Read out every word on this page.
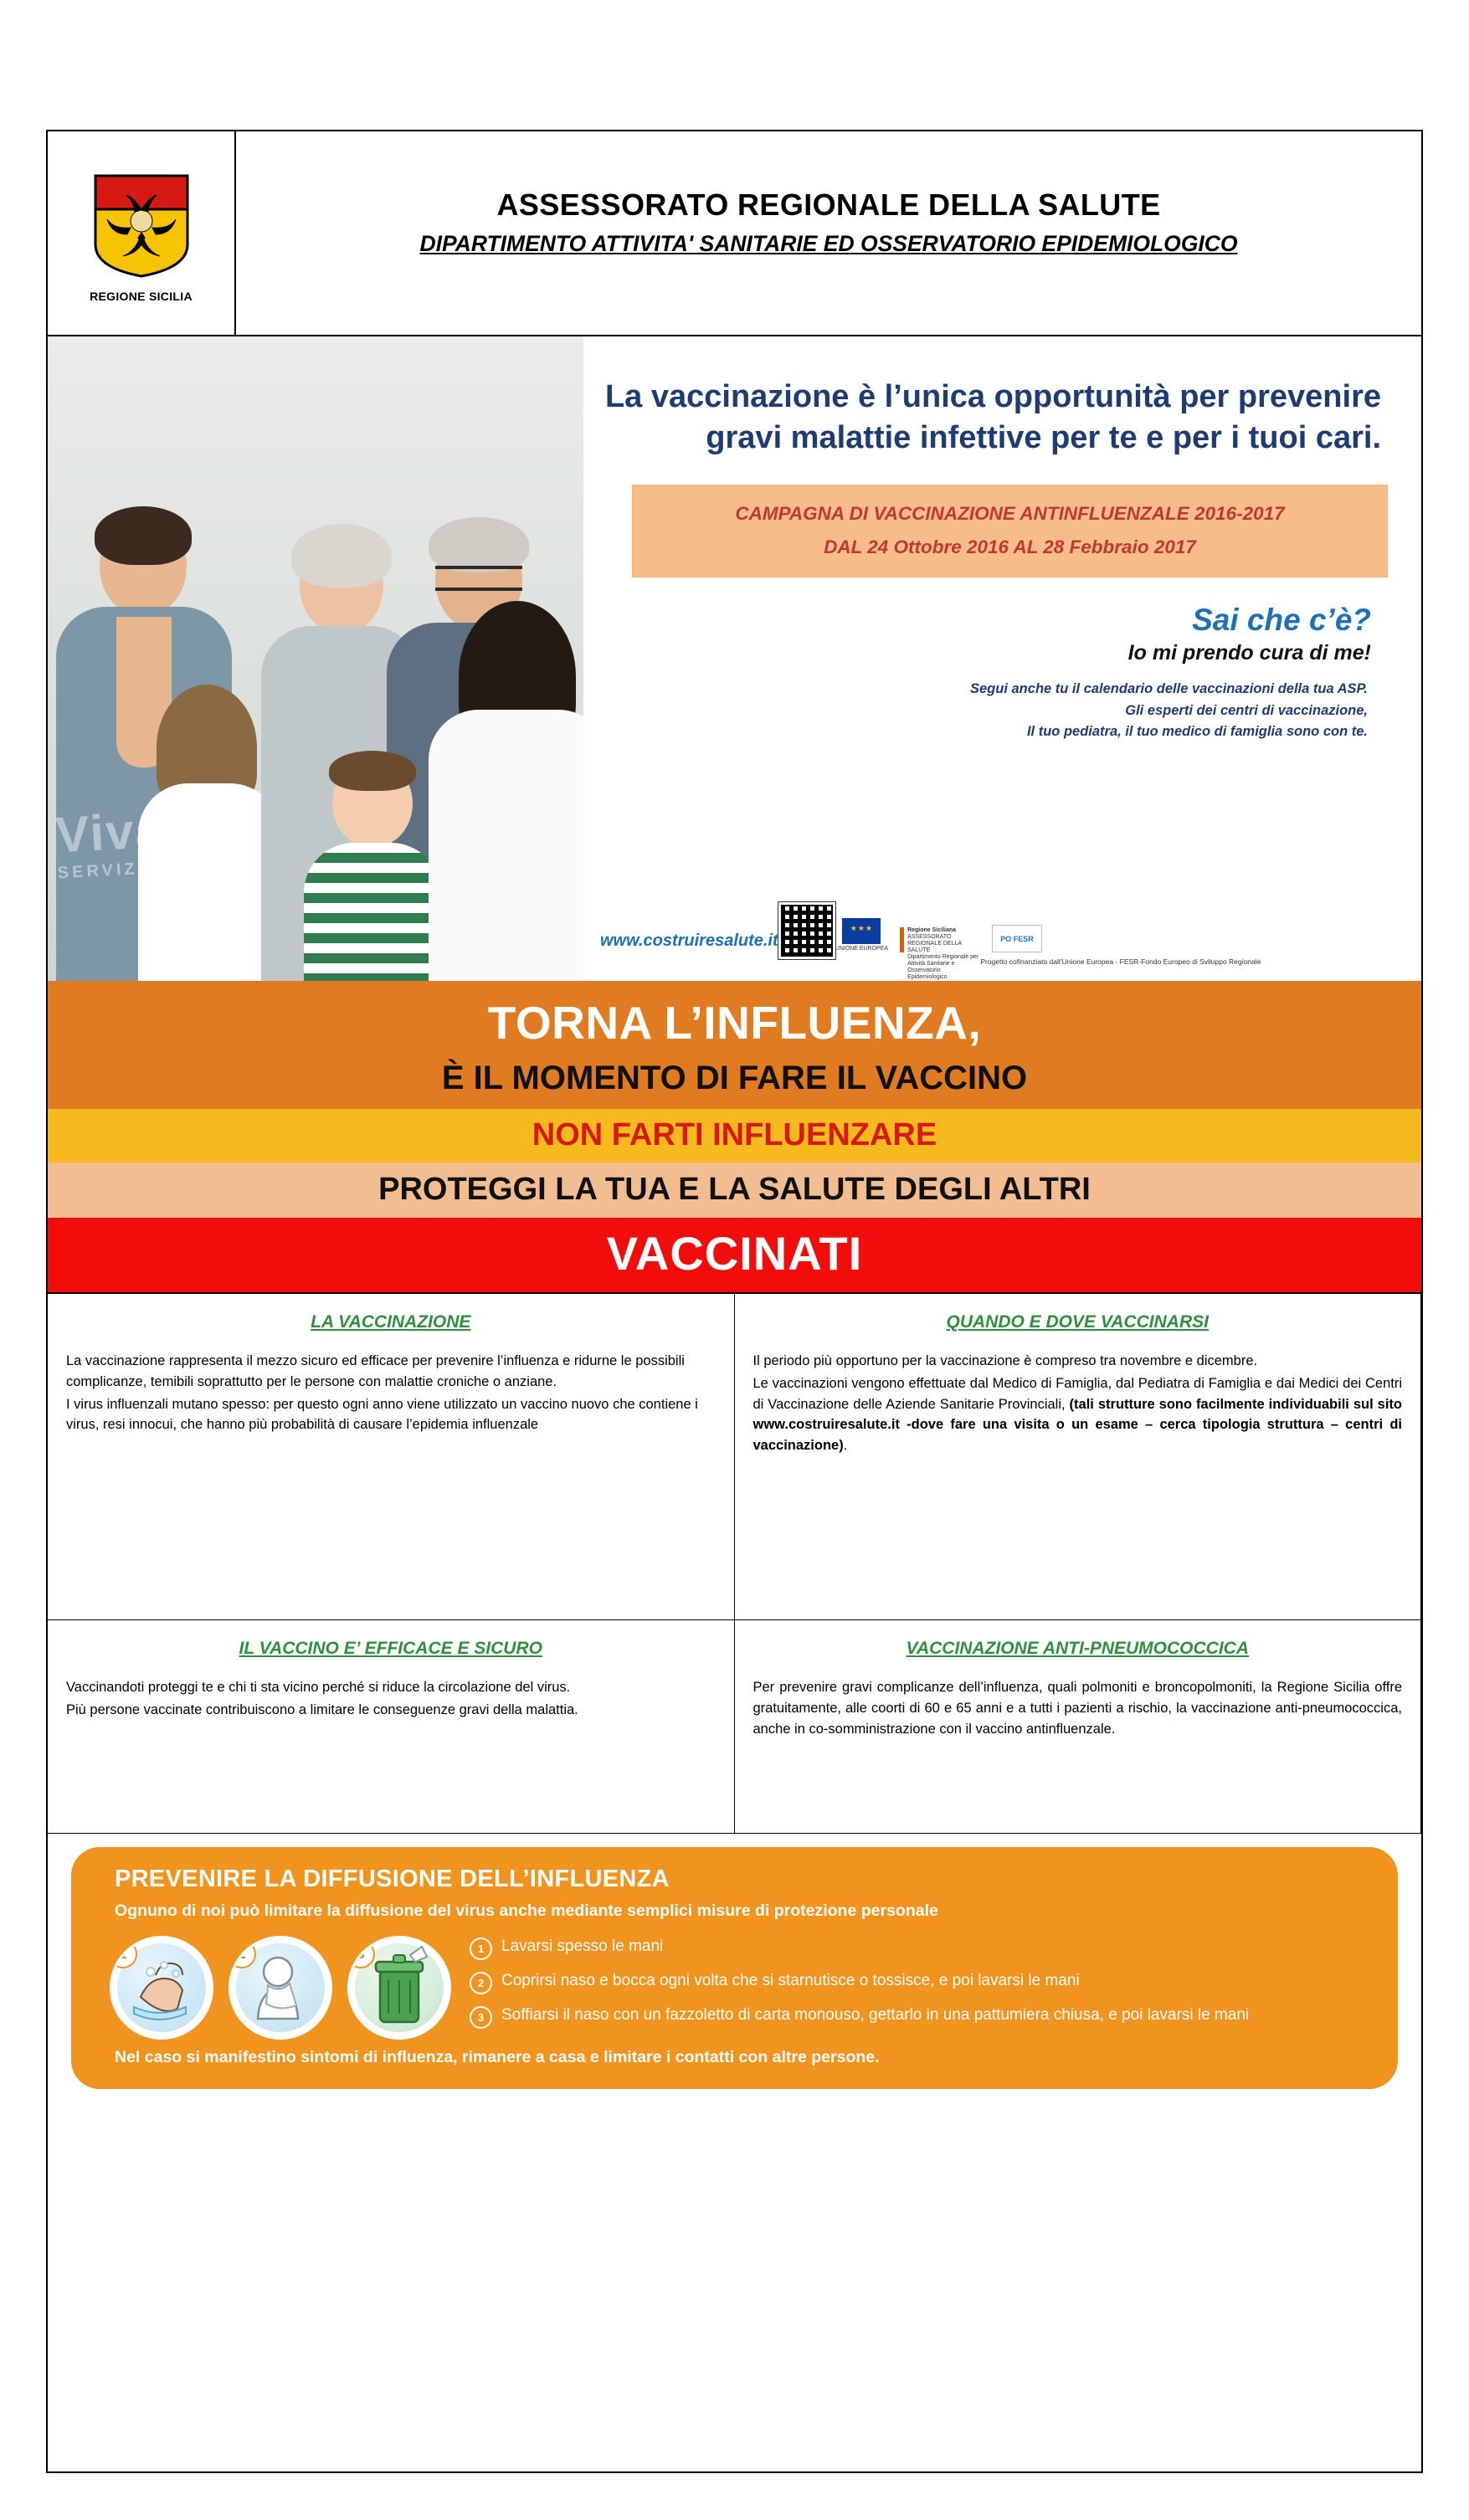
REGIONE SICILIA
ASSESSORATO REGIONALE DELLA SALUTE
DIPARTIMENTO ATTIVITA' SANITARIE ED OSSERVATORIO EPIDEMIOLOGICO
Viva
SERVIZI
La vaccinazione è l’unica opportunità per prevenire gravi malattie infettive per te e per i tuoi cari.
CAMPAGNA DI VACCINAZIONE ANTINFLUENZALE 2016-2017
DAL 24 Ottobre 2016 AL 28 Febbraio 2017
Sai che c’è?
Io mi prendo cura di me!
Segui anche tu il calendario delle vaccinazioni della tua ASP.
Gli esperti dei centri di vaccinazione,
Il tuo pediatra, il tuo medico di famiglia sono con te.
www.costruiresalute.it
★★★	UNIONE EUROPEA
Regione Siciliana
ASSESSORATO REGIONALE DELLA SALUTE
Dipartimento Regionale per Attività Sanitarie e Osservatorio Epidemiologico
PO FESR
Progetto cofinanziato dall’Unione Europea - FESR-Fondo Europeo di Sviluppo Regionale
TORNA L’INFLUENZA,
È IL MOMENTO DI FARE IL VACCINO
NON FARTI INFLUENZARE
PROTEGGI LA TUA E LA SALUTE DEGLI ALTRI
VACCINATI
LA VACCINAZIONE

La vaccinazione rappresenta il mezzo sicuro ed efficace per prevenire l’influenza e ridurne le possibili complicanze, temibili soprattutto per le persone con malattie croniche o anziane.

I virus influenzali mutano spesso: per questo ogni anno viene utilizzato un vaccino nuovo che contiene i virus, resi innocui, che hanno più probabilità di causare l’epidemia influenzale

QUANDO E DOVE VACCINARSI

Il periodo più opportuno per la vaccinazione è compreso tra novembre e dicembre.

Le vaccinazioni vengono effettuate dal Medico di Famiglia, dal Pediatra di Famiglia e dai Medici dei Centri di Vaccinazione delle Aziende Sanitarie Provinciali, (tali strutture sono facilmente individuabili sul sito www.costruiresalute.it -dove fare una visita o un esame – cerca tipologia struttura – centri di vaccinazione).
IL VACCINO E’ EFFICACE E SICURO

Vaccinandoti proteggi te e chi ti sta vicino perché si riduce la circolazione del virus.

Più persone vaccinate contribuiscono a limitare le conseguenze gravi della malattia.

VACCINAZIONE ANTI-PNEUMOCOCCICA

Per prevenire gravi complicanze dell’influenza, quali polmoniti e broncopolmoniti, la Regione Sicilia offre gratuitamente, alle coorti di 60 e 65 anni e a tutti i pazienti a rischio, la vaccinazione anti-pneumococcica, anche in co-somministrazione con il vaccino antinfluenzale.

PREVENIRE LA DIFFUSIONE DELL’INFLUENZA
Ognuno di noi può limitare la diffusione del virus anche mediante semplici misure di protezione personale
1	2	3	1	Lavarsi spesso le mani
2	Coprirsi naso e bocca ogni volta che si starnutisce o tossisce, e poi lavarsi le mani
3	Soffiarsi il naso con un fazzoletto di carta monouso, gettarlo in una pattumiera chiusa, e poi lavarsi le mani
Nel caso si manifestino sintomi di influenza, rimanere a casa e limitare i contatti con altre persone.
